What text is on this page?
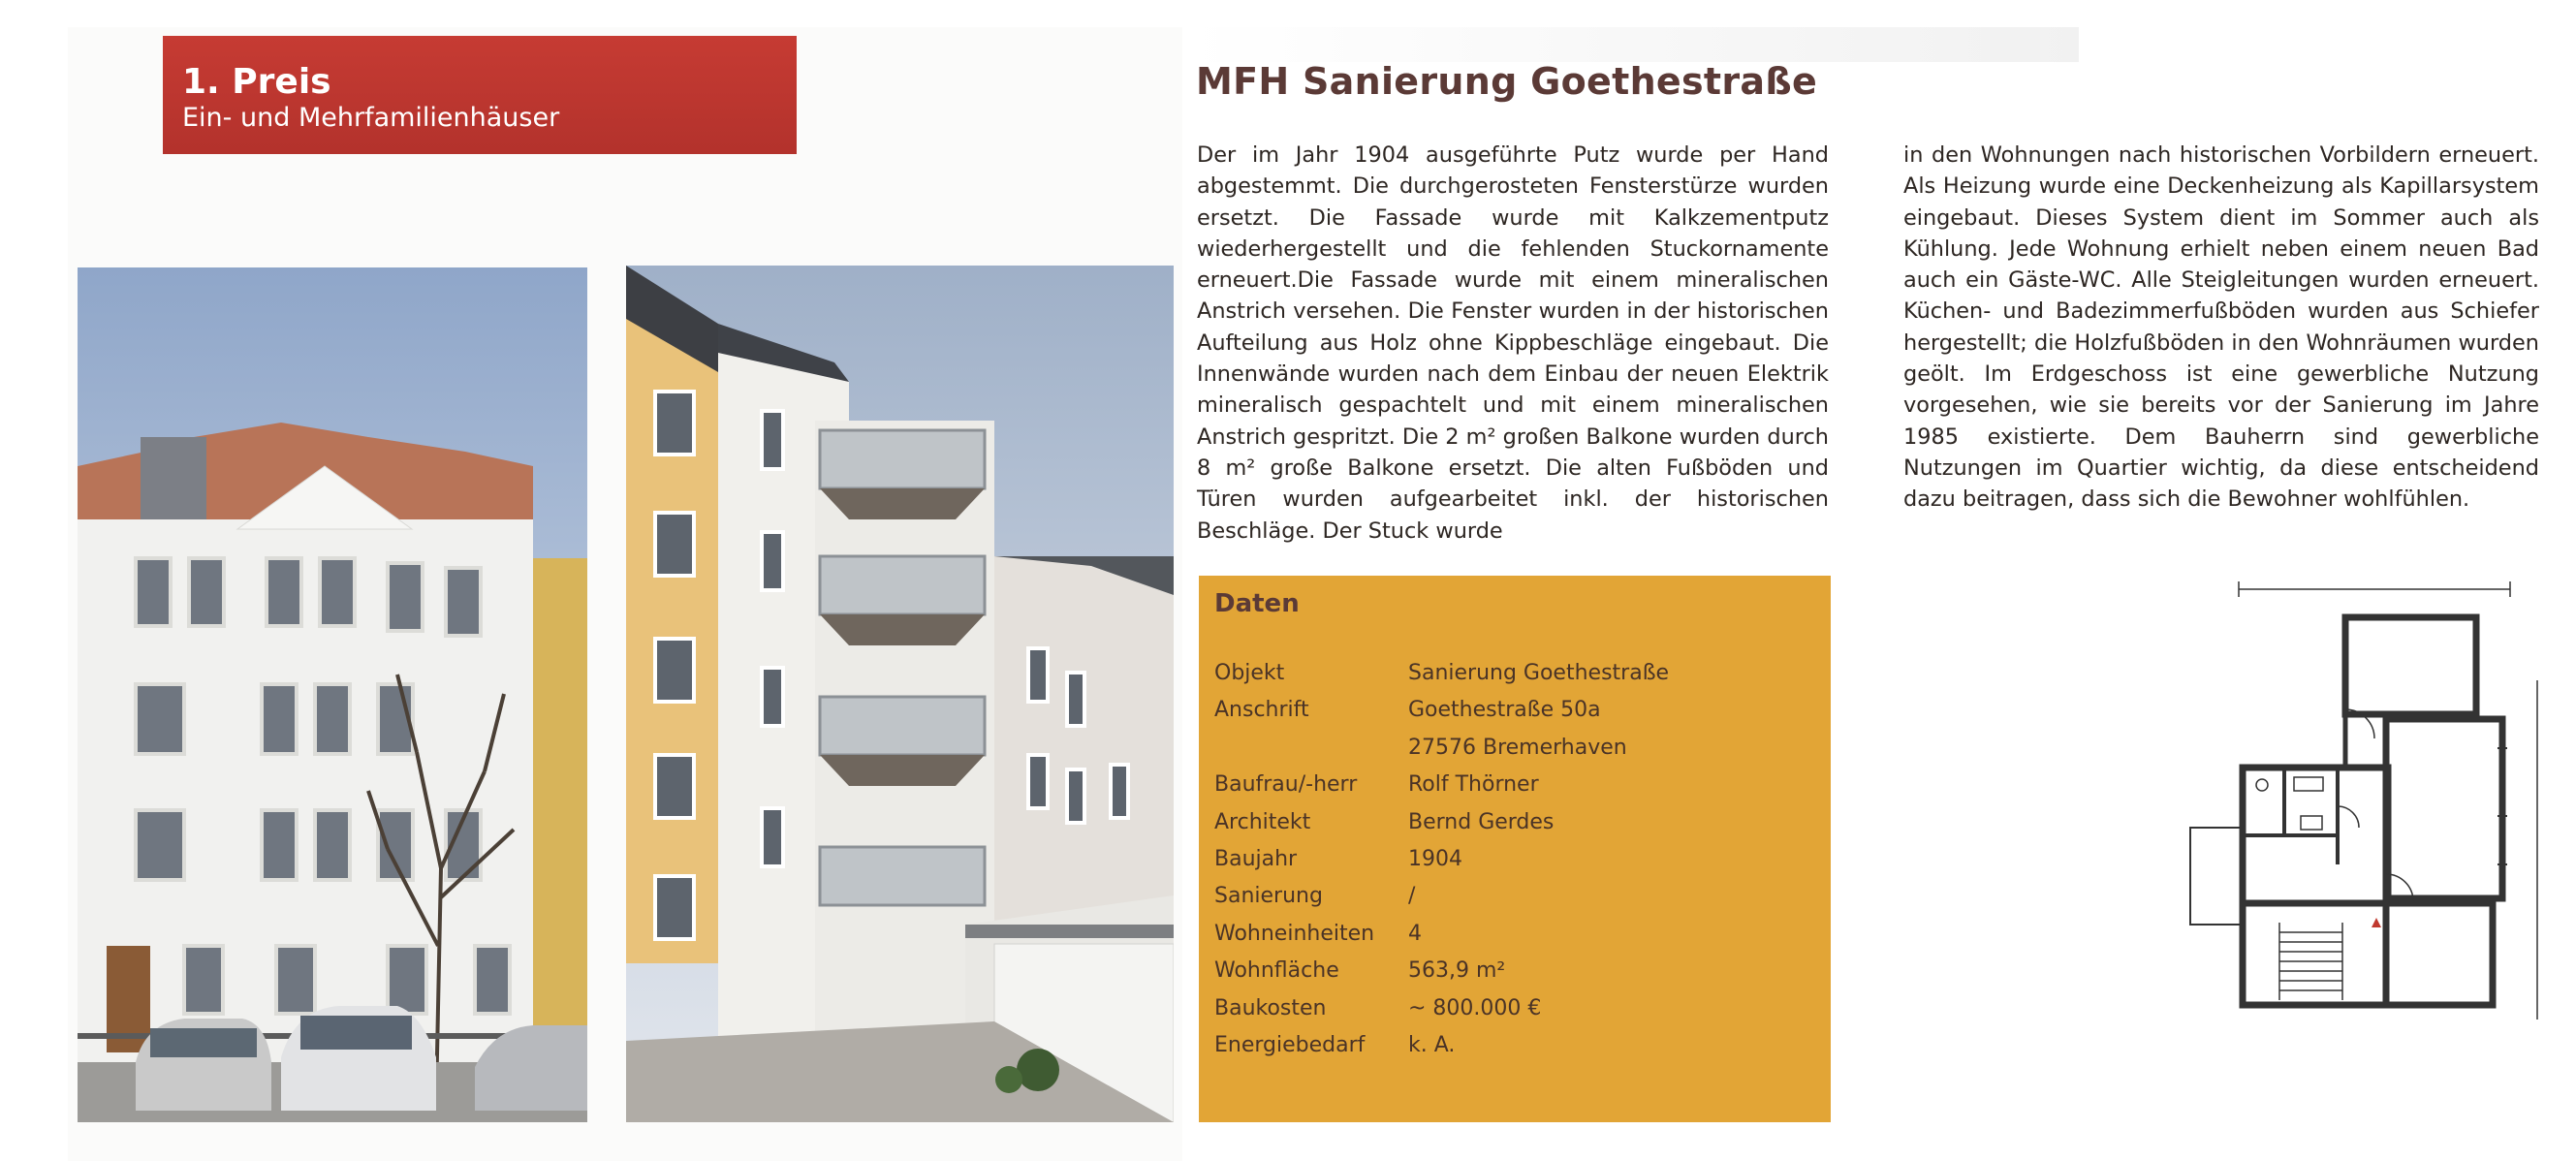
1. Preis
Ein- und Mehrfamilienhäuser
MFH Sanierung Goethestraße
Der im Jahr 1904 ausgeführte Putz wurde per Hand abgestemmt. Die durchgerosteten Fensterstürze wurden ersetzt. Die Fassade wurde mit Kalkzementputz wiederhergestellt und die fehlenden Stuckornamente erneuert.Die Fassade wurde mit einem mineralischen Anstrich versehen. Die Fenster wurden in der historischen Aufteilung aus Holz ohne Kippbeschläge eingebaut. Die Innenwände wurden nach dem Einbau der neuen Elektrik mineralisch gespachtelt und mit einem mineralischen Anstrich gespritzt. Die 2 m² großen Balkone wurden durch 8 m² große Balkone ersetzt. Die alten Fußböden und Türen wurden aufgearbeitet inkl. der historischen Beschläge. Der Stuck wurde
in den Wohnungen nach historischen Vorbildern erneuert. Als Heizung wurde eine Deckenheizung als Kapillarsystem eingebaut. Dieses System dient im Sommer auch als Kühlung. Jede Wohnung erhielt neben einem neuen Bad auch ein Gäste-WC. Alle Steigleitungen wurden erneuert. Küchen- und Badezimmerfußböden wurden aus Schiefer hergestellt; die Holzfußböden in den Wohnräumen wurden geölt. Im Erdgeschoss ist eine gewerbliche Nutzung vorgesehen, wie sie bereits vor der Sanierung im Jahre 1985 existierte. Dem Bauherrn sind gewerbliche Nutzungen im Quartier wichtig, da diese entscheidend dazu beitragen, dass sich die Bewohner wohlfühlen.
Daten
Objekt	Sanierung Goethestraße
Anschrift	Goethestraße 50a
27576 Bremerhaven
Baufrau/-herr	Rolf Thörner
Architekt	Bernd Gerdes
Baujahr	1904
Sanierung	/
Wohneinheiten	4
Wohnfläche	563,9 m²
Baukosten	~ 800.000 €
Energiebedarf	k. A.
